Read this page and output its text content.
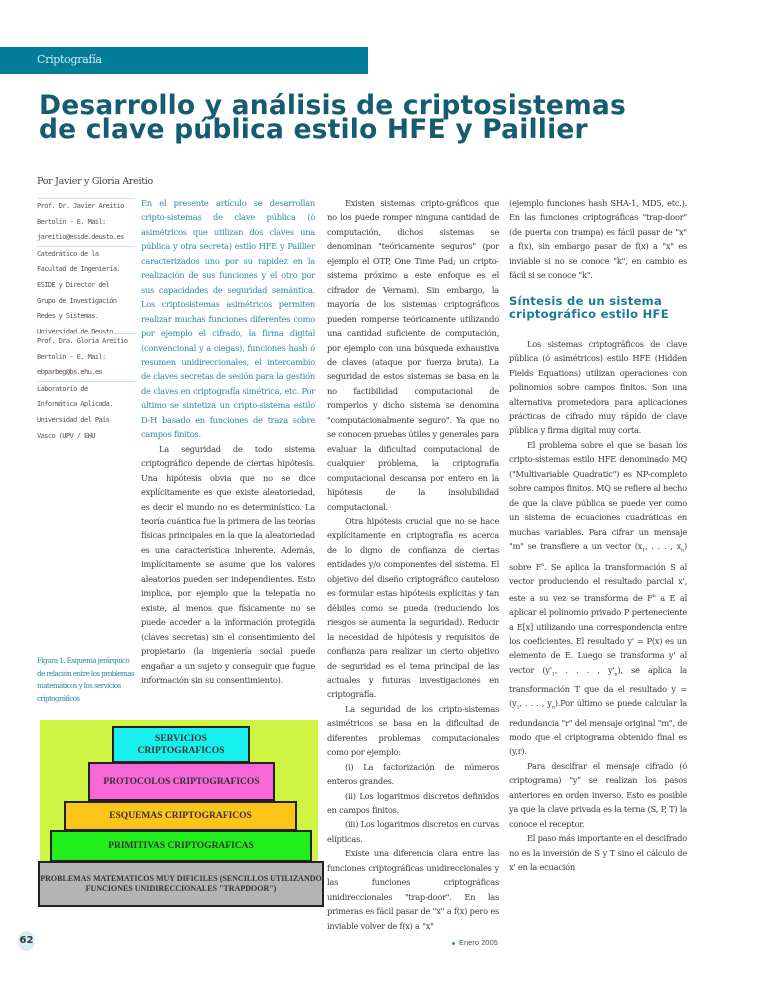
Criptografía
Desarrollo y análisis de criptosistemas
de clave pública estilo HFE y Paillier
Por Javier y Gloria Areitio
Prof. Dr. Javier Areitio
Bertolín - E. Mail:
jareitio@eside.deusto.es
Catedrático de la
Facultad de Ingeniería.
ESIDE y Director del
Grupo de Investigación
Redes y Sistemas.
Universidad de Deusto.
Prof. Dra. Gloria Areitio
Bertolín - E. Mail:
ebparbeg@bs.ehu.es
Laboratorio de
Informática Aplicada.
Universidad del País
Vasco (UPV / EHU
Figura 1. Esquema jerárquico de relación entre los problemas matemáticos y los servicios criptográficos

En el presente artículo se desarrollan cripto-sistemas de clave pública (ó asimétricos que utilizan dos claves una pública y otra secreta) estilo HFE y Paillier caracterizados uno por su rapidez en la realización de sus funciones y el otro por sus capacidades de seguridad semántica. Los criptosistemas asimétricos permiten realizar muchas funciones diferentes como por ejemplo el cifrado, la firma digital (convencional y a ciegas), funciones hash ó resumen unidireccionales, el intercambio de claves secretas de sesión para la gestión de claves en criptografía simétrica, etc. Por último se sintetiza un cripto-sistema estilo D-H basado en funciones de traza sobre campos finitos.

La seguridad de todo sistema criptográfico depende de ciertas hipótesis. Una hipótesis obvia que no se dice explícitamente es que existe aleatoriedad, es decir el mundo no es determinístico. La teoría cuántica fue la primera de las teorías físicas principales en la que la aleatoriedad es una característica inherente. Además, implícitamente se asume que los valores aleatorios pueden ser independientes. Esto implica, por ejemplo que la telepatía no existe, al menos que físicamente no se puede acceder a la información protegida (claves secretas) sin el consentimiento del propietario (la ingeniería social puede engañar a un sujeto y conseguir que fugue información sin su consentimiento).

Existen sistemas cripto-gráficos que no los puede romper ninguna cantidad de computación, dichos sistemas se denominan "teóricamente seguros" (por ejemplo el OTP, One Time Pad; un cripto-sistema próximo a este enfoque es el cifrador de Vernam). Sin embargo, la mayoría de los sistemas criptográficos pueden romperse teóricamente utilizando una cantidad suficiente de computación, por ejemplo con una búsqueda exhaustiva de claves (ataque por fuerza bruta). La seguridad de estos sistemas se basa en la no factibilidad computacional de romperlos y dicho sistema se denomina "computacionalmente seguro". Ya que no se conocen pruebas útiles y generales para evaluar la dificultad computacional de cualquier problema, la criptografía computacional descansa por entero en la hipótesis de la insolubilidad computacional.

Otra hipótesis crucial que no se hace explícitamente en criptografía es acerca de lo digno de confianza de ciertas entidades y/o componentes del sistema. El objetivo del diseño criptográfico cauteloso es formular estas hipótesis explícitas y tan débiles como se pueda (reduciendo los riesgos se aumenta la seguridad). Reducir la necesidad de hipótesis y requisitos de confianza para realizar un cierto objetivo de seguridad es el tema principal de las actuales y futuras investigaciones en criptografía.

La seguridad de los cripto-sistemas asimétricos se basa en la dificultad de diferentes problemas computacionales como por ejemplo:

(i) La factorización de números enteros grandes.

(ii) Los logaritmos discretos definidos en campos finitos.

(iii) Los logaritmos discretos en curvas elípticas.

Existe una diferencia clara entre las funciones criptográficas unidireccionales y las funciones criptográficas unidireccionales "trap-door". En las primeras es fácil pasar de "x" a f(x) pero es inviable volver de f(x) a "x"

(ejemplo funciones hash SHA-1, MD5, etc.). En las funciones criptográficas "trap-door" (de puerta con trampa) es fácil pasar de "x" a f(x), sin embargo pasar de f(x) a "x" es inviable si no se conoce "k", en cambio es fácil si se conoce "k".

Síntesis de un sistema criptográfico estilo HFE

Los sistemas criptográficos de clave pública (ó asimétricos) estilo HFE (Hidden Fields Equations) utilizan operaciones con polinomios sobre campos finitos. Son una alternativa prometedora para aplicaciones prácticas de cifrado muy rápido de clave pública y firma digital muy corta.

El problema sobre el que se basan los cripto-sistemas estilo HFE denominado MQ ("Multivariable Quadratic") es NP-completo sobre campos finitos. MQ se refiere al hecho de que la clave pública se puede ver como un sistema de ecuaciones cuadráticas en muchas variables. Para cifrar un mensaje "m" se transfiere a un vector ($x_1$, . . . , $x_n$) sobre $F^n$. Se aplica la transformación S al vector produciendo el resultado parcial x', este a su vez se transforma de $F^n$ a E al aplicar el polinomio privado P perteneciente a E[x] utilizando una correspondencia entre los coeficientes. El resultado y' = P(x) es un elemento de E. Luego se transforma y' al vector ($y'_1$, . . . , $y'_n$), se aplica la transformación T que da el resultado $y = (y_1$, . . . , $y_n).Por$ último se puede calcular la redundancia "r" del mensaje original "m", de modo que el criptograma obtenido final es (y,r).

Para descifrar el mensaje cifrado (ó criptograma) "y" se realizan los pasos anteriores en orden inverso. Esto es posible ya que la clave privada es la terna (S, P, T) la conoce el receptor.

El paso más importante en el descifrado no es la inversión de S y T sino el cálculo de x' en la ecuación

PROBLEMAS MATEMATICOS MUY DIFICILES (SENCILLOS UTILIZANDO FUNCIONES UNIDIRECCIONALES "TRAPDOOR")
PRIMITIVAS CRIPTOGRAFICAS
ESQUEMAS CRIPTOGRAFICOS
PROTOCOLOS CRIPTOGRAFICOS
SERVICIOS CRIPTOGRAFICOS
62	Enero 2005
